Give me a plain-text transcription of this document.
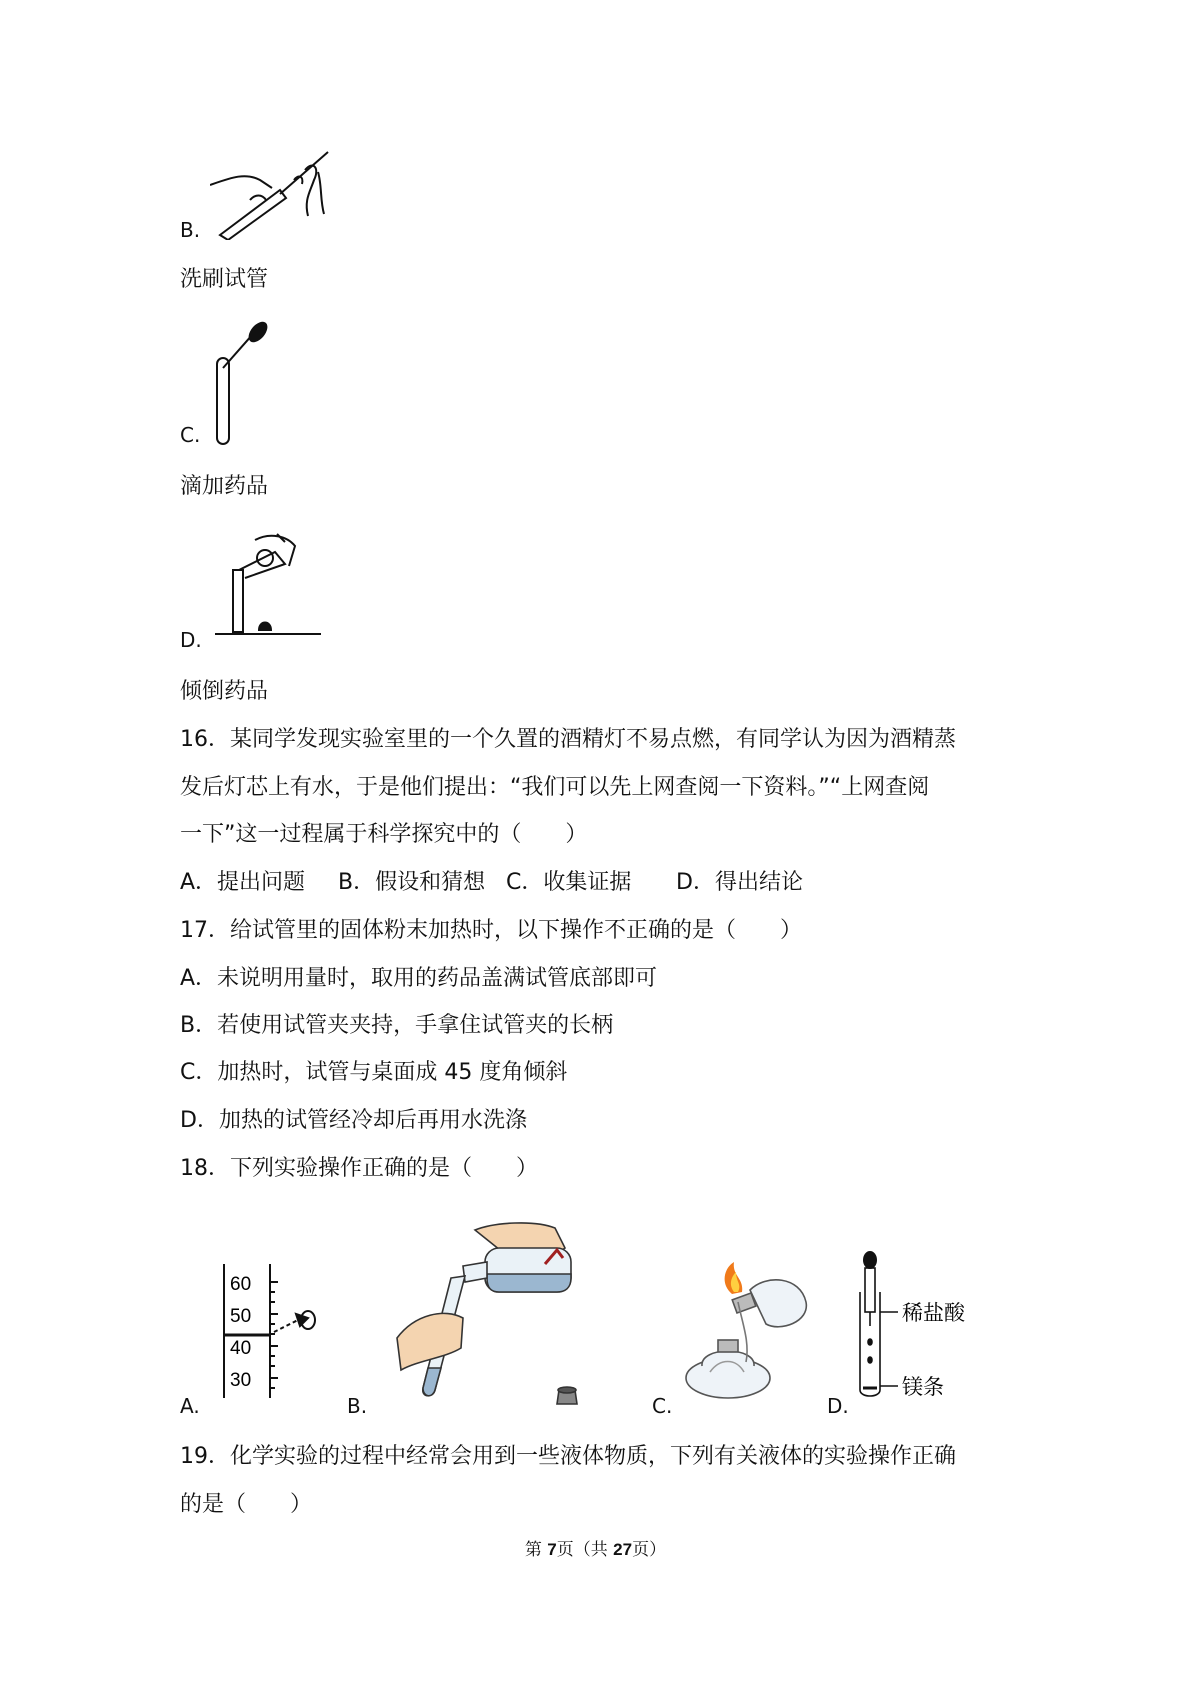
B.
洗刷试管
C.
滴加药品
D.
倾倒药品
16．某同学发现实验室里的一个久置的酒精灯不易点燃，有同学认为因为酒精蒸
发后灯芯上有水，于是他们提出：“我们可以先上网查阅一下资料。”“上网查阅
一下”这一过程属于科学探究中的（　　）
A．提出问题 B．假设和猜想 C．收集证据 D．得出结论
17．给试管里的固体粉末加热时，以下操作不正确的是（　　）
A．未说明用量时，取用的药品盖满试管底部即可
B．若使用试管夹夹持，手拿住试管夹的长柄
C．加热时，试管与桌面成 45 度角倾斜
D．加热的试管经冷却后再用水洗涤
18．下列实验操作正确的是（　　）
60
50
40
30
A.	B.	C.
稀盐酸
镁条
D.
19．化学实验的过程中经常会用到一些液体物质，下列有关液体的实验操作正确
的是（　　）
第 7页（共 27页）
